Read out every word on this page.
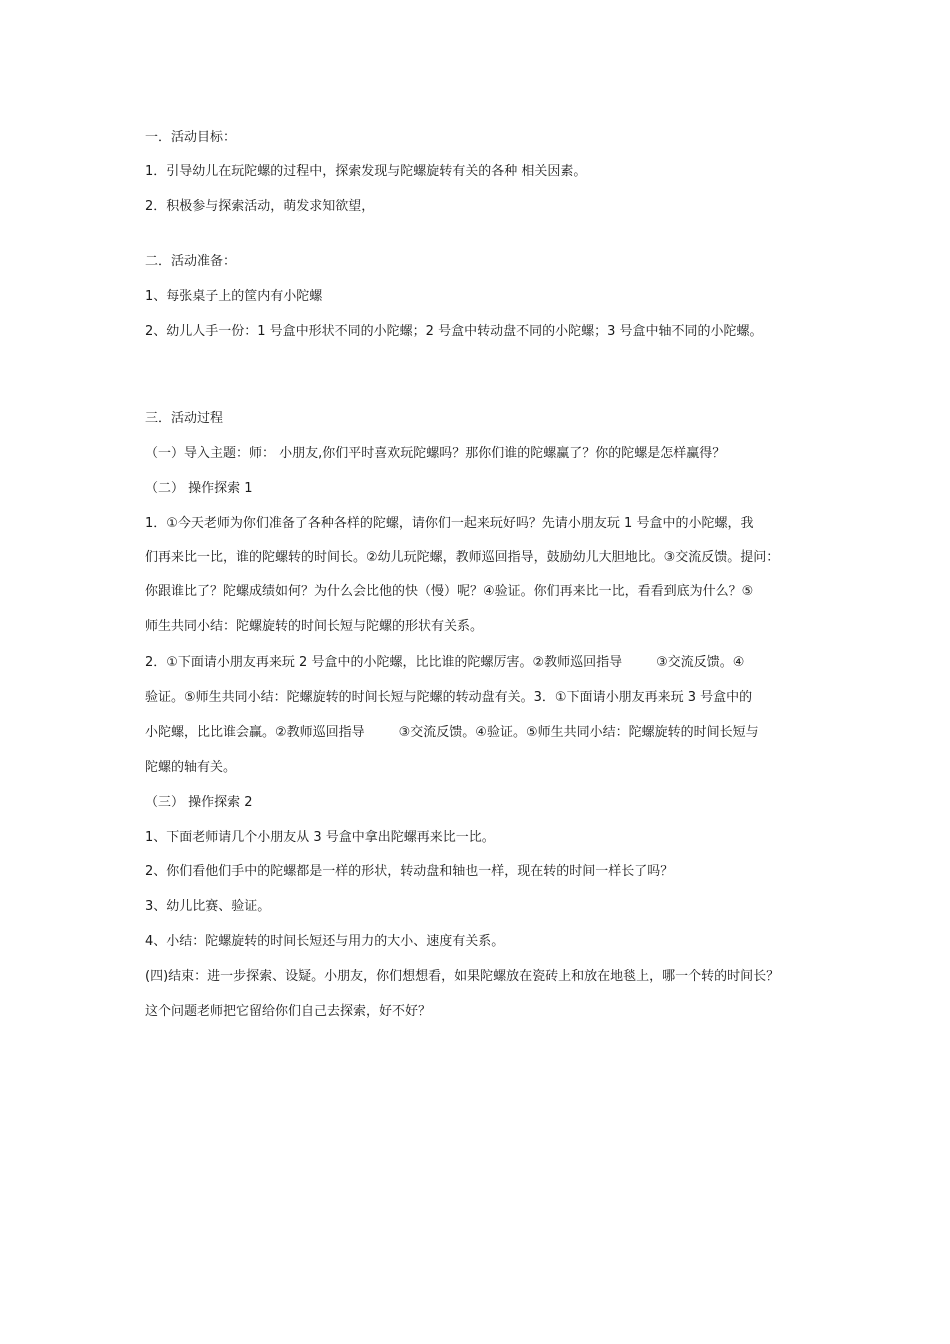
一．活动目标：
1．引导幼儿在玩陀螺的过程中，探索发现与陀螺旋转有关的各种 相关因素。
2．积极参与探索活动，萌发求知欲望，
二．活动准备：
1、每张桌子上的筐内有小陀螺
2、幼儿人手一份：1 号盒中形状不同的小陀螺；2 号盒中转动盘不同的小陀螺；3 号盒中轴不同的小陀螺。
三．活动过程
（一）导入主题：师： 小朋友,你们平时喜欢玩陀螺吗？那你们谁的陀螺赢了？你的陀螺是怎样赢得？
（二） 操作探索 1
1．①今天老师为你们准备了各种各样的陀螺，请你们一起来玩好吗？先请小朋友玩 1 号盒中的小陀螺，我
们再来比一比，谁的陀螺转的时间长。②幼儿玩陀螺，教师巡回指导，鼓励幼儿大胆地比。③交流反馈。提问：
你跟谁比了？陀螺成绩如何？为什么会比他的快（慢）呢？④验证。你们再来比一比，看看到底为什么？⑤
师生共同小结：陀螺旋转的时间长短与陀螺的形状有关系。
2．①下面请小朋友再来玩 2 号盒中的小陀螺，比比谁的陀螺厉害。②教师巡回指导	③交流反馈。④
验证。⑤师生共同小结：陀螺旋转的时间长短与陀螺的转动盘有关。3．①下面请小朋友再来玩 3 号盒中的
小陀螺，比比谁会赢。②教师巡回指导	③交流反馈。④验证。⑤师生共同小结：陀螺旋转的时间长短与
陀螺的轴有关。
（三） 操作探索 2
1、下面老师请几个小朋友从 3 号盒中拿出陀螺再来比一比。
2、你们看他们手中的陀螺都是一样的形状，转动盘和轴也一样，现在转的时间一样长了吗？
3、幼儿比赛、验证。
4、小结：陀螺旋转的时间长短还与用力的大小、速度有关系。
(四)结束：进一步探索、设疑。小朋友，你们想想看，如果陀螺放在瓷砖上和放在地毯上，哪一个转的时间长？
这个问题老师把它留给你们自己去探索，好不好？
